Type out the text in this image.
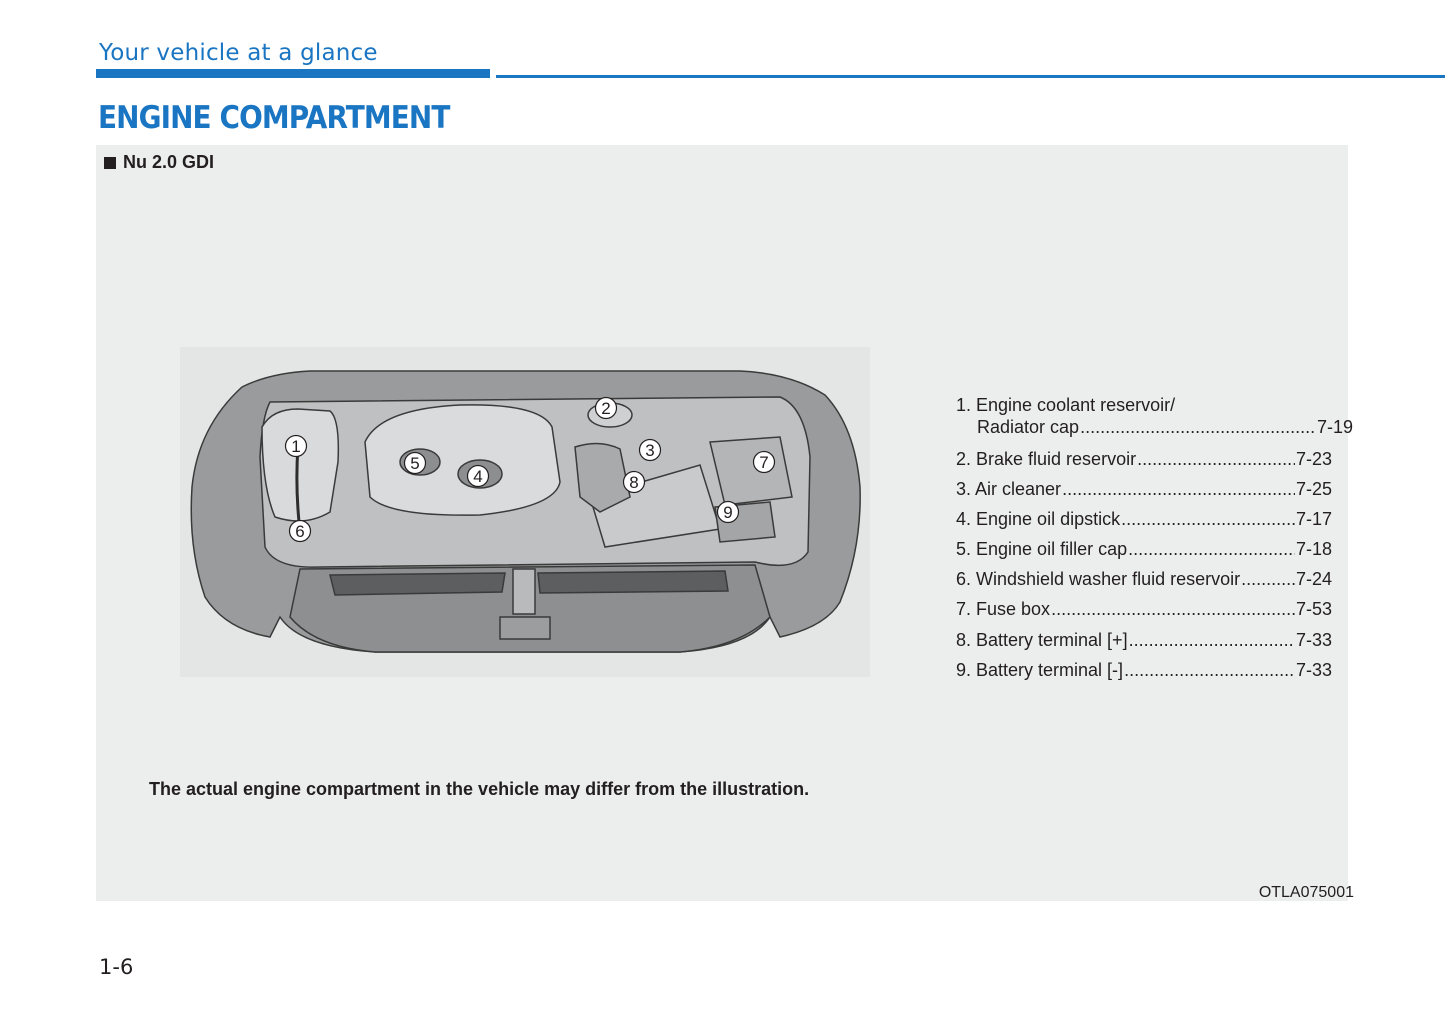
Your vehicle at a glance
ENGINE COMPARTMENT
Nu 2.0 GDI
1
2
3
4
5
6
7
8
9
1. Engine coolant reservoir/
Radiator cap .....	7-19
2. Brake fluid reservoir .....	7-23
3. Air cleaner .....	7-25
4. Engine oil dipstick .....	7-17
5. Engine oil filler cap .....	7-18
6. Windshield washer fluid reservoir .....	7-24
7. Fuse box .....	7-53
8. Battery terminal [+] .....	7-33
9. Battery terminal [-] .....	7-33
The actual engine compartment in the vehicle may differ from the illustration.
OTLA075001
1-6
